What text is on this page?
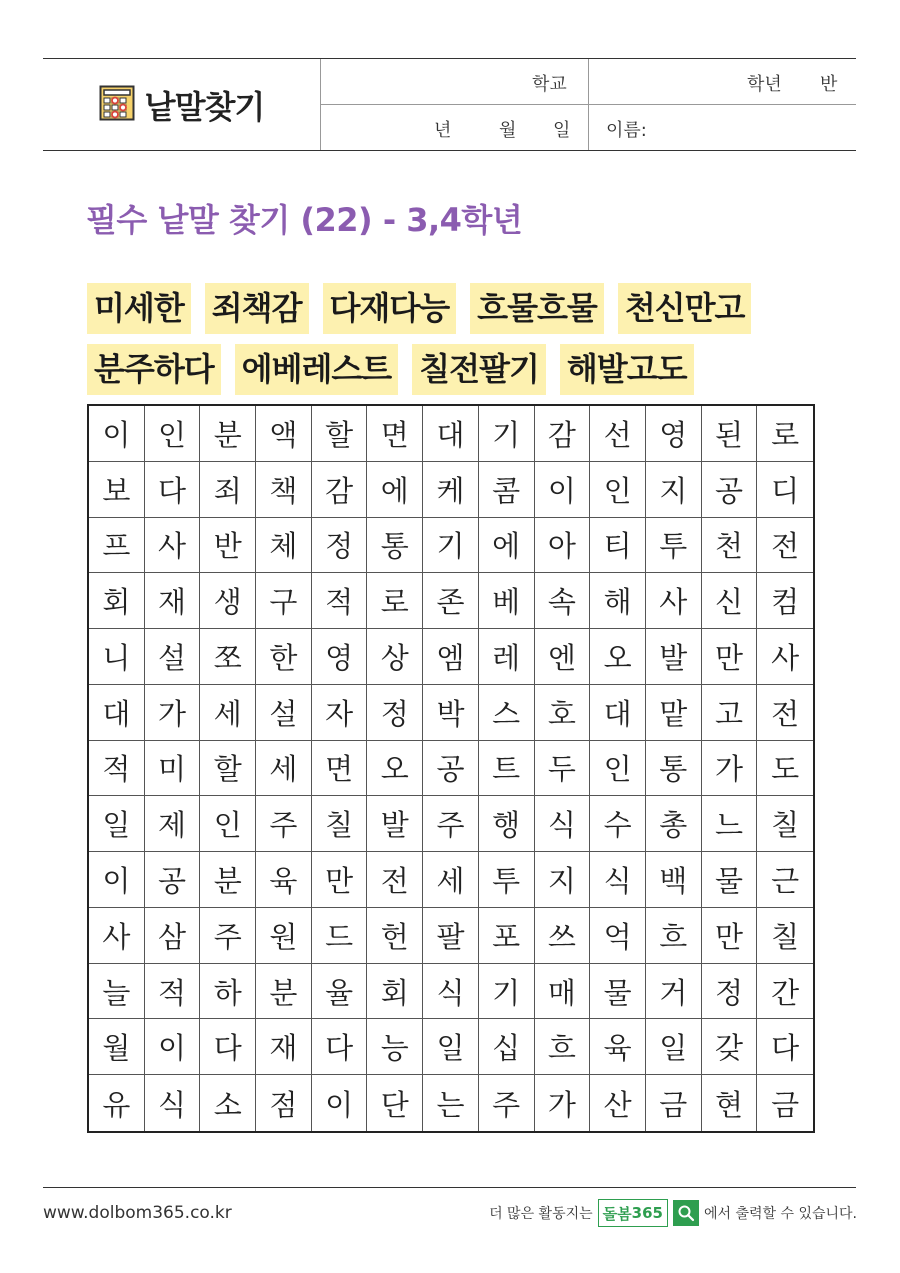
낱말찾기
학교	학년 반
년	월 일 이름:
필수 낱말 찾기 (22) - 3,4학년
미세한 죄책감 다재다능 흐물흐물 천신만고
분주하다 에베레스트 칠전팔기 해발고도
이 인 분 액 할 면 대 기 감 선 영 된 로
보 다 죄 책 감 에 케 콤 이 인 지 공 디
프 사 반 체 정 통 기 에 아 티 투 천 전
회 재 생 구 적 로 존 베 속 해 사 신 컴
니 설 쪼 한 영 상 엠 레 엔 오 발 만 사
대 가 세 설 자 정 박 스 호 대 맡 고 전
적 미 할 세 면 오 공 트 두 인 통 가 도
일 제 인 주 칠 발 주 행 식 수 총 느 칠
이 공 분 육 만 전 세 투 지 식 백 물 근
사 삼 주 원 드 헌 팔 포 쓰 억 흐 만 칠
늘 적 하 분 율 회 식 기 매 물 거 정 간
월 이 다 재 다 능 일 십 흐 육 일 갖 다
유 식 소 점 이 단 는 주 가 산 금 현 금
www.dolbom365.co.kr	더 많은 활동지는 돌봄 365	에서 출력할 수 있습니다.
